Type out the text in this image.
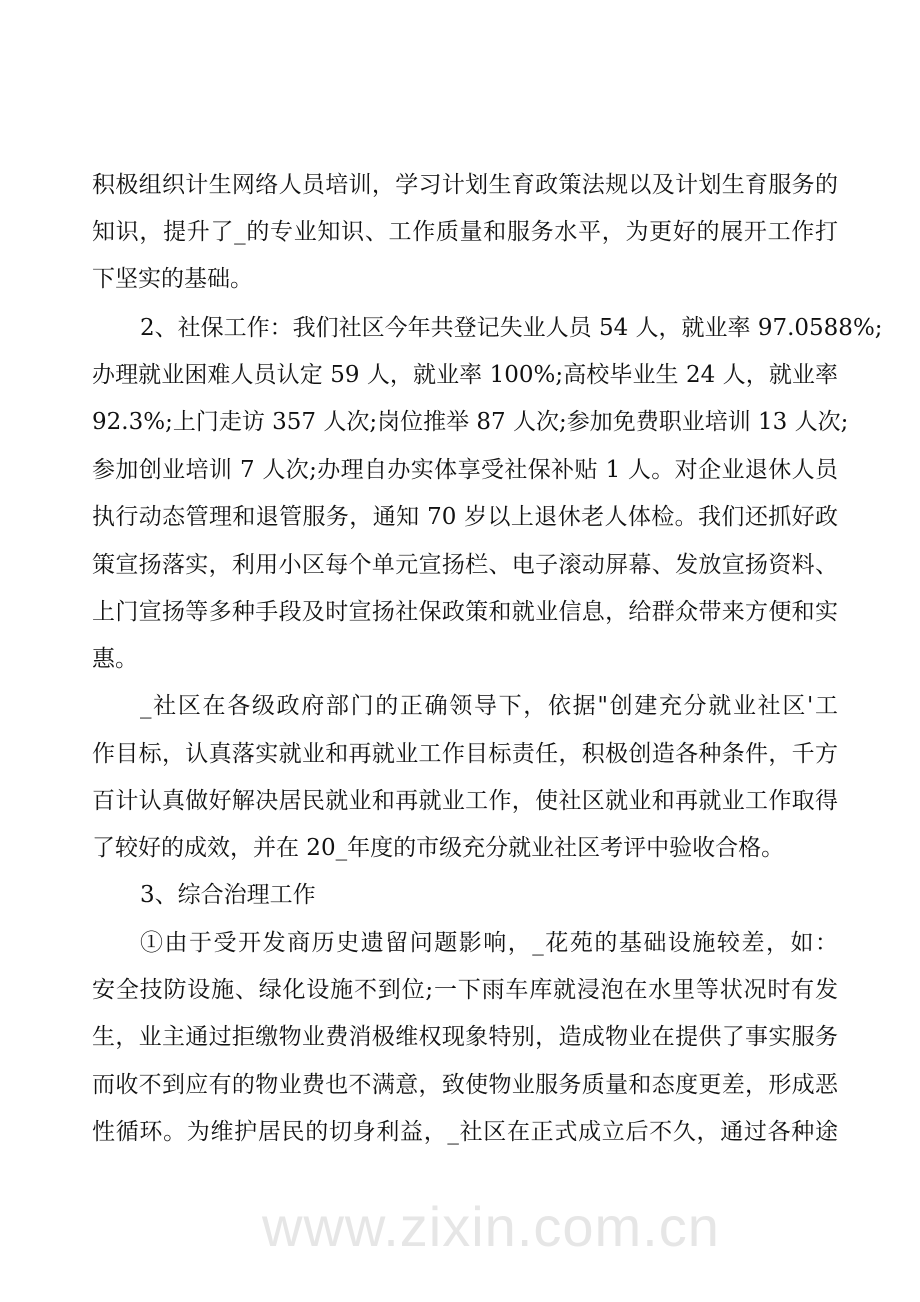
www.zixin.com.cn
积极组织计生网络人员培训，学习计划生育政策法规以及计划生育服务的
知识，提升了_的专业知识、工作质量和服务水平，为更好的展开工作打
下坚实的基础。
2、社保工作：我们社区今年共登记失业人员 54 人，就业率 97.0588%;
办理就业困难人员认定 59 人，就业率 100%;高校毕业生 24 人，就业率
92.3%;上门走访 357 人次;岗位推举 87 人次;参加免费职业培训 13 人次;
参加创业培训 7 人次;办理自办实体享受社保补贴 1 人。对企业退休人员
执行动态管理和退管服务，通知 70 岁以上退休老人体检。我们还抓好政
策宣扬落实，利用小区每个单元宣扬栏、电子滚动屏幕、发放宣扬资料、
上门宣扬等多种手段及时宣扬社保政策和就业信息，给群众带来方便和实
惠。
_社区在各级政府部门的正确领导下，依据"创建充分就业社区'工
作目标，认真落实就业和再就业工作目标责任，积极创造各种条件，千方
百计认真做好解决居民就业和再就业工作，使社区就业和再就业工作取得
了较好的成效，并在 20_年度的市级充分就业社区考评中验收合格。
3、综合治理工作
①由于受开发商历史遗留问题影响，_花苑的基础设施较差，如：
安全技防设施、绿化设施不到位;一下雨车库就浸泡在水里等状况时有发
生，业主通过拒缴物业费消极维权现象特别，造成物业在提供了事实服务
而收不到应有的物业费也不满意，致使物业服务质量和态度更差，形成恶
性循环。为维护居民的切身利益，_社区在正式成立后不久，通过各种途
